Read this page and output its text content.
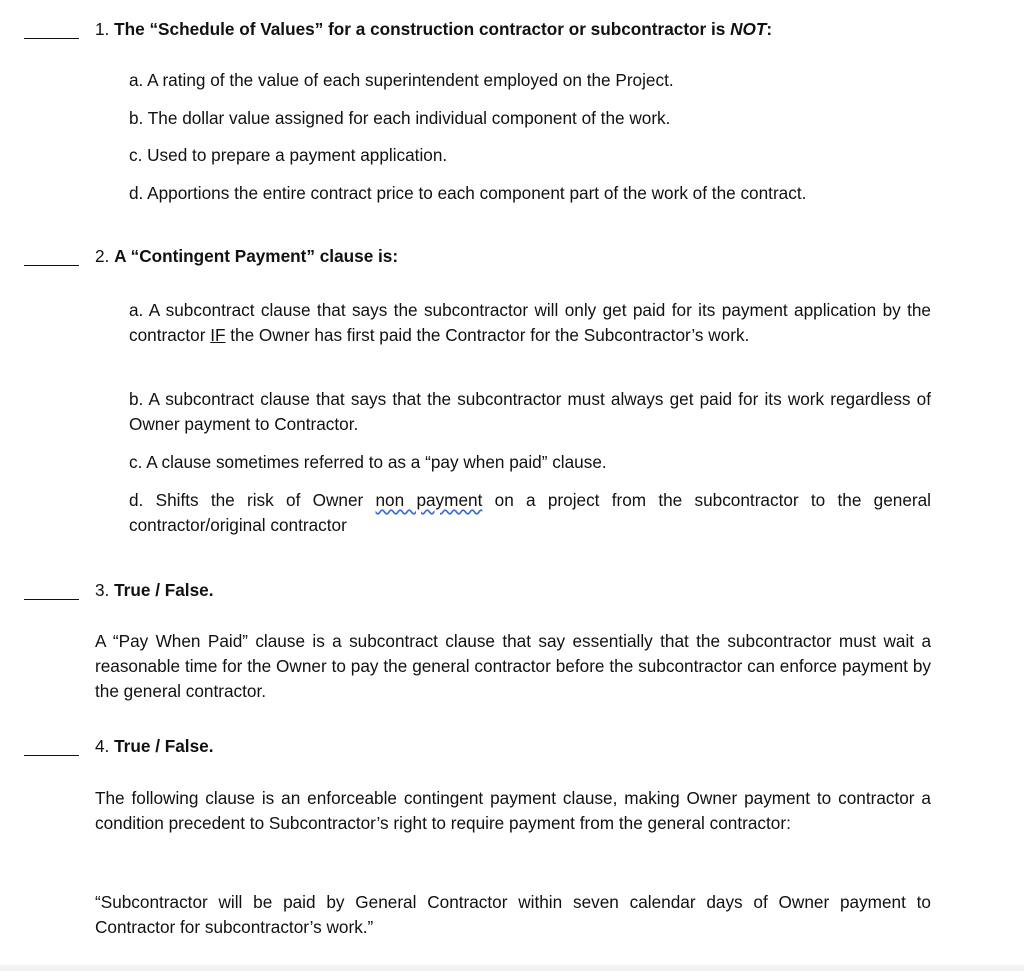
1. The “Schedule of Values” for a construction contractor or subcontractor is NOT:
a. A rating of the value of each superintendent employed on the Project.
b. The dollar value assigned for each individual component of the work.
c. Used to prepare a payment application.
d. Apportions the entire contract price to each component part of the work of the contract.
2. A “Contingent Payment” clause is:
a. A subcontract clause that says the subcontractor will only get paid for its payment application by the contractor IF the Owner has first paid the Contractor for the Subcontractor’s work.
b. A subcontract clause that says that the subcontractor must always get paid for its work regardless of Owner payment to Contractor.
c. A clause sometimes referred to as a “pay when paid” clause.
d. Shifts the risk of Owner non payment on a project from the subcontractor to the general contractor/original contractor
3. True / False.
A “Pay When Paid” clause is a subcontract clause that say essentially that the subcontractor must wait a reasonable time for the Owner to pay the general contractor before the subcontractor can enforce payment by the general contractor.
4. True / False.
The following clause is an enforceable contingent payment clause, making Owner payment to contractor a condition precedent to Subcontractor’s right to require payment from the general contractor:
“Subcontractor will be paid by General Contractor within seven calendar days of Owner payment to Contractor for subcontractor’s work.”
